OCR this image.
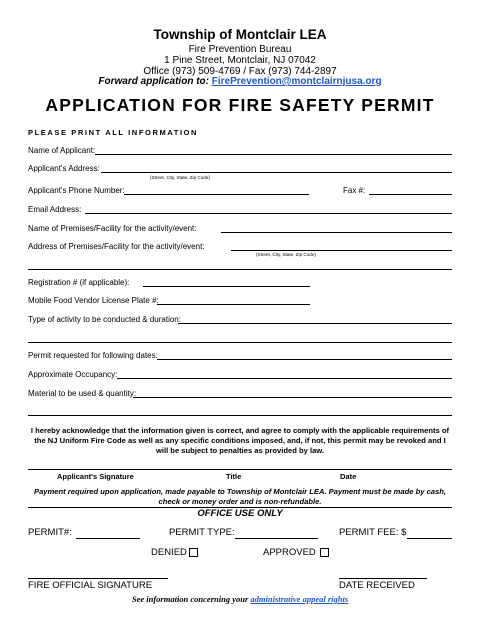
Township of Montclair LEA
Fire Prevention Bureau
1 Pine Street, Montclair, NJ 07042
Office (973) 509-4769 / Fax (973) 744-2897
Forward application to: FirePrevention@montclairnjusa.org
APPLICATION FOR FIRE SAFETY PERMIT
PLEASE PRINT ALL INFORMATION
Name of Applicant:
Applicant's Address:
(Street, City, State, Zip Code)
Applicant's Phone Number:	Fax #:
Email Address:
Name of Premises/Facility for the activity/event:
Address of Premises/Facility for the activity/event:
(Street, City, State, Zip Code)
Registration # (if applicable):
Mobile Food Vendor License Plate #:
Type of activity to be conducted & duration:
Permit requested for following dates:
Approximate Occupancy:
Material to be used & quantity:
I hereby acknowledge that the information given is correct, and agree to comply with the applicable requirements of the NJ Uniform Fire Code as well as any specific conditions imposed, and, if not, this permit may be revoked and I will be subject to penalties as provided by law.
Applicant's Signature	Title	Date
Payment required upon application, made payable to Township of Montclair LEA. Payment must be made by cash, check or money order and is non-refundable.
OFFICE USE ONLY
PERMIT#:	PERMIT TYPE:	PERMIT FEE: $
DENIED	APPROVED
FIRE OFFICIAL SIGNATURE	DATE RECEIVED
See information concerning your administrative appeal rights
